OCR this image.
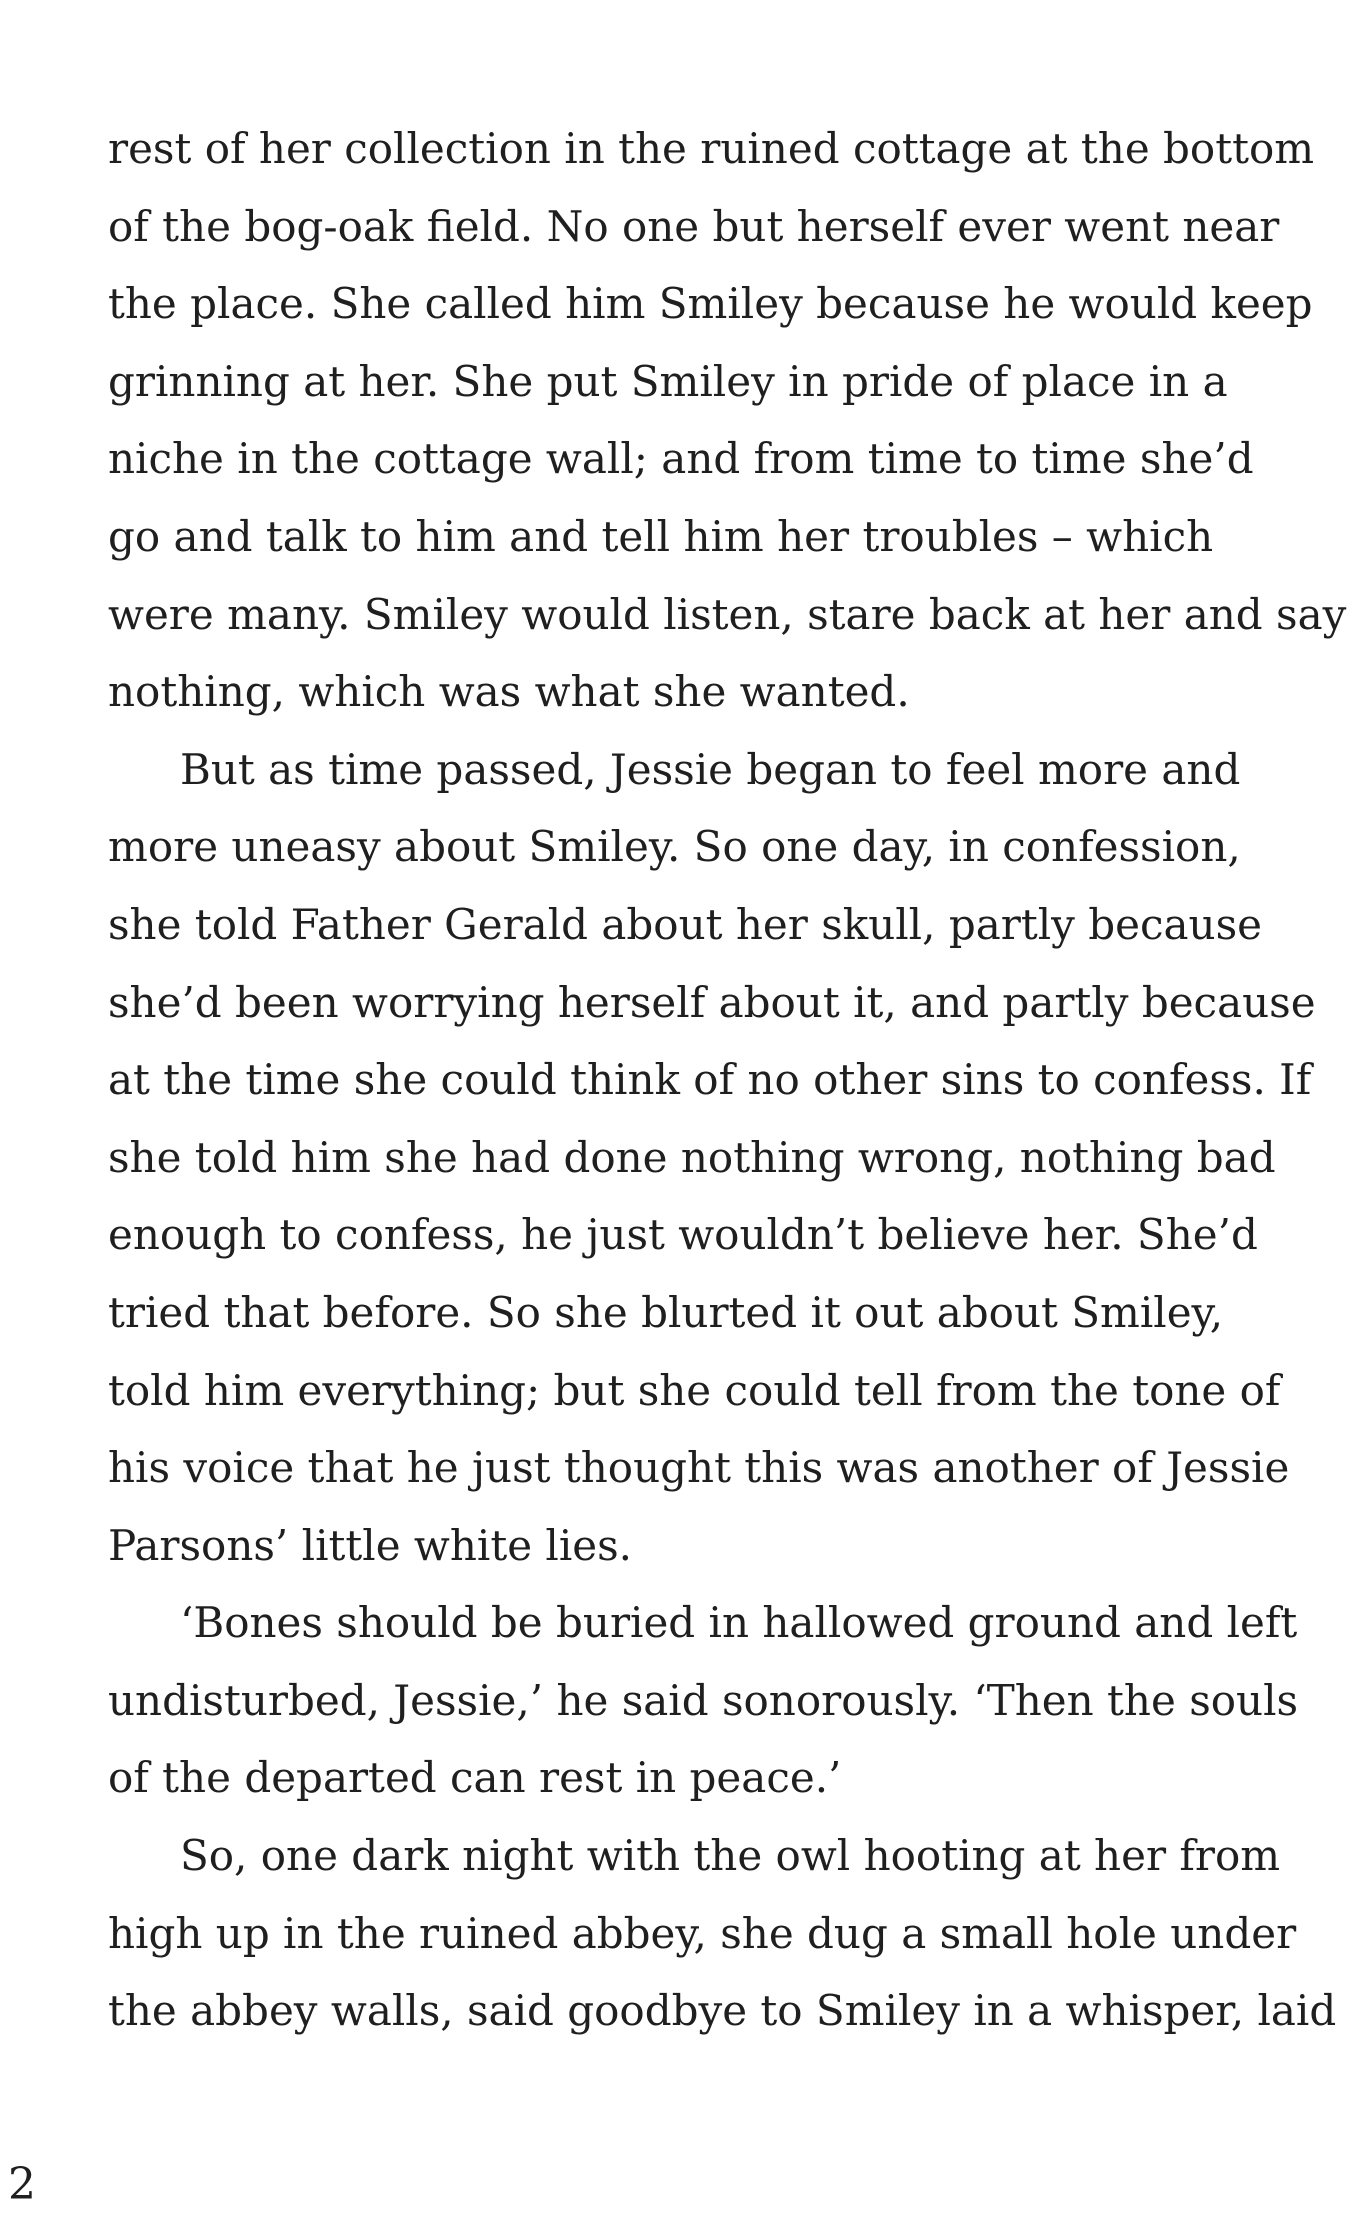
rest of her collection in the ruined cottage at the bottom
of the bog-oak field. No one but herself ever went near
the place. She called him Smiley because he would keep
grinning at her. She put Smiley in pride of place in a
niche in the cottage wall; and from time to time she’d
go and talk to him and tell him her troubles – which
were many. Smiley would listen, stare back at her and say
nothing, which was what she wanted.
But as time passed, Jessie began to feel more and
more uneasy about Smiley. So one day, in confession,
she told Father Gerald about her skull, partly because
she’d been worrying herself about it, and partly because
at the time she could think of no other sins to confess. If
she told him she had done nothing wrong, nothing bad
enough to confess, he just wouldn’t believe her. She’d
tried that before. So she blurted it out about Smiley,
told him everything; but she could tell from the tone of
his voice that he just thought this was another of Jessie
Parsons’ little white lies.
‘Bones should be buried in hallowed ground and left
undisturbed, Jessie,’ he said sonorously. ‘Then the souls
of the departed can rest in peace.’
So, one dark night with the owl hooting at her from
high up in the ruined abbey, she dug a small hole under
the abbey walls, said goodbye to Smiley in a whisper, laid
2
